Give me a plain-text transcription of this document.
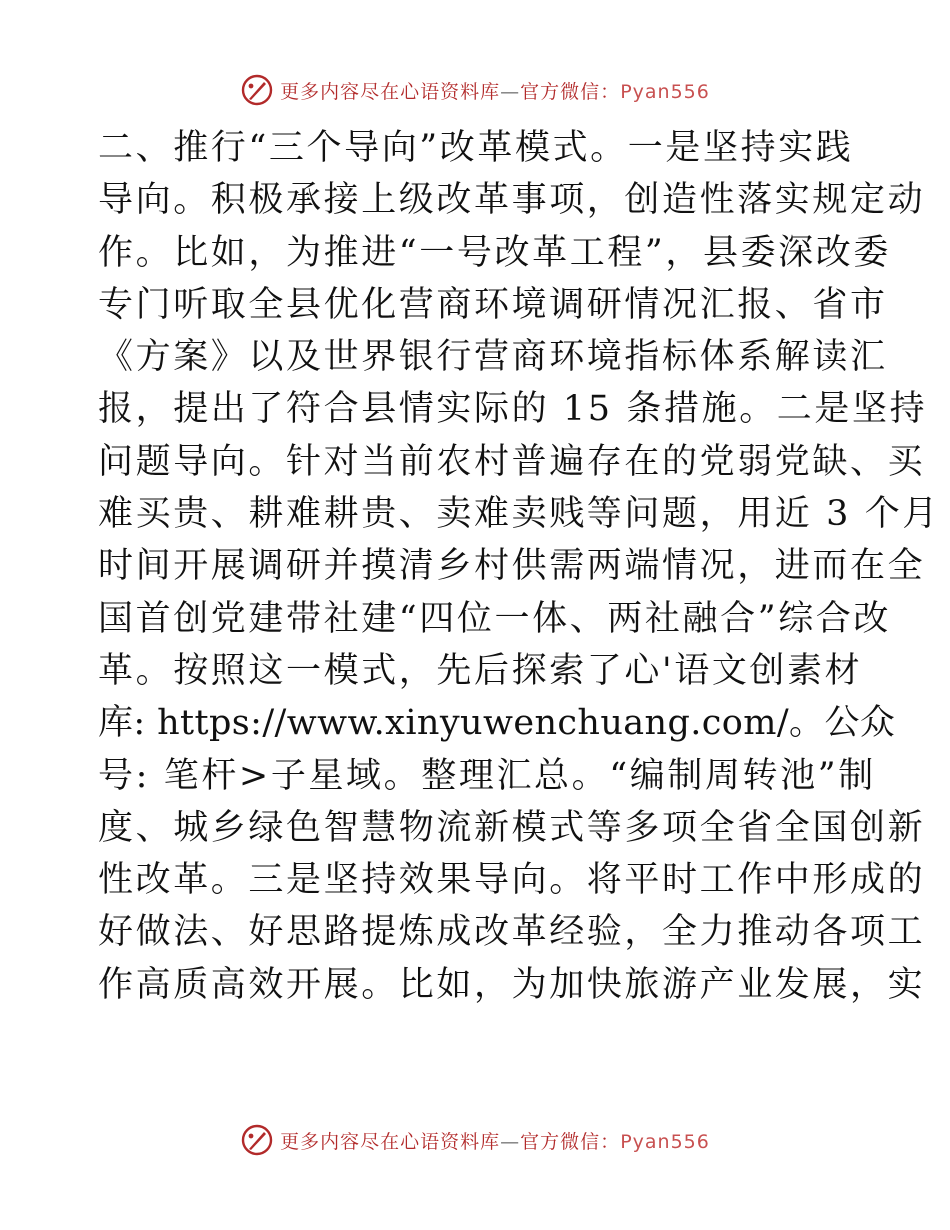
更多内容尽在心语资料库—官方微信：Pyan556
二、推行“三个导向”改革模式。一是坚持实践
导向。积极承接上级改革事项，创造性落实规定动
作。比如，为推进“一号改革工程”，县委深改委
专门听取全县优化营商环境调研情况汇报、省市
《方案》以及世界银行营商环境指标体系解读汇
报，提出了符合县情实际的 15 条措施。二是坚持
问题导向。针对当前农村普遍存在的党弱党缺、买
难买贵、耕难耕贵、卖难卖贱等问题，用近 3 个月
时间开展调研并摸清乡村供需两端情况，进而在全
国首创党建带社建“四位一体、两社融合”综合改
革。按照这一模式，先后探索了心'语文创素材
库: https://www.xinyuwenchuang.com/。公众
号: 笔杆>子星域。整理汇总。“编制周转池”制
度、城乡绿色智慧物流新模式等多项全省全国创新
性改革。三是坚持效果导向。将平时工作中形成的
好做法、好思路提炼成改革经验，全力推动各项工
作高质高效开展。比如，为加快旅游产业发展，实
更多内容尽在心语资料库—官方微信：Pyan556
